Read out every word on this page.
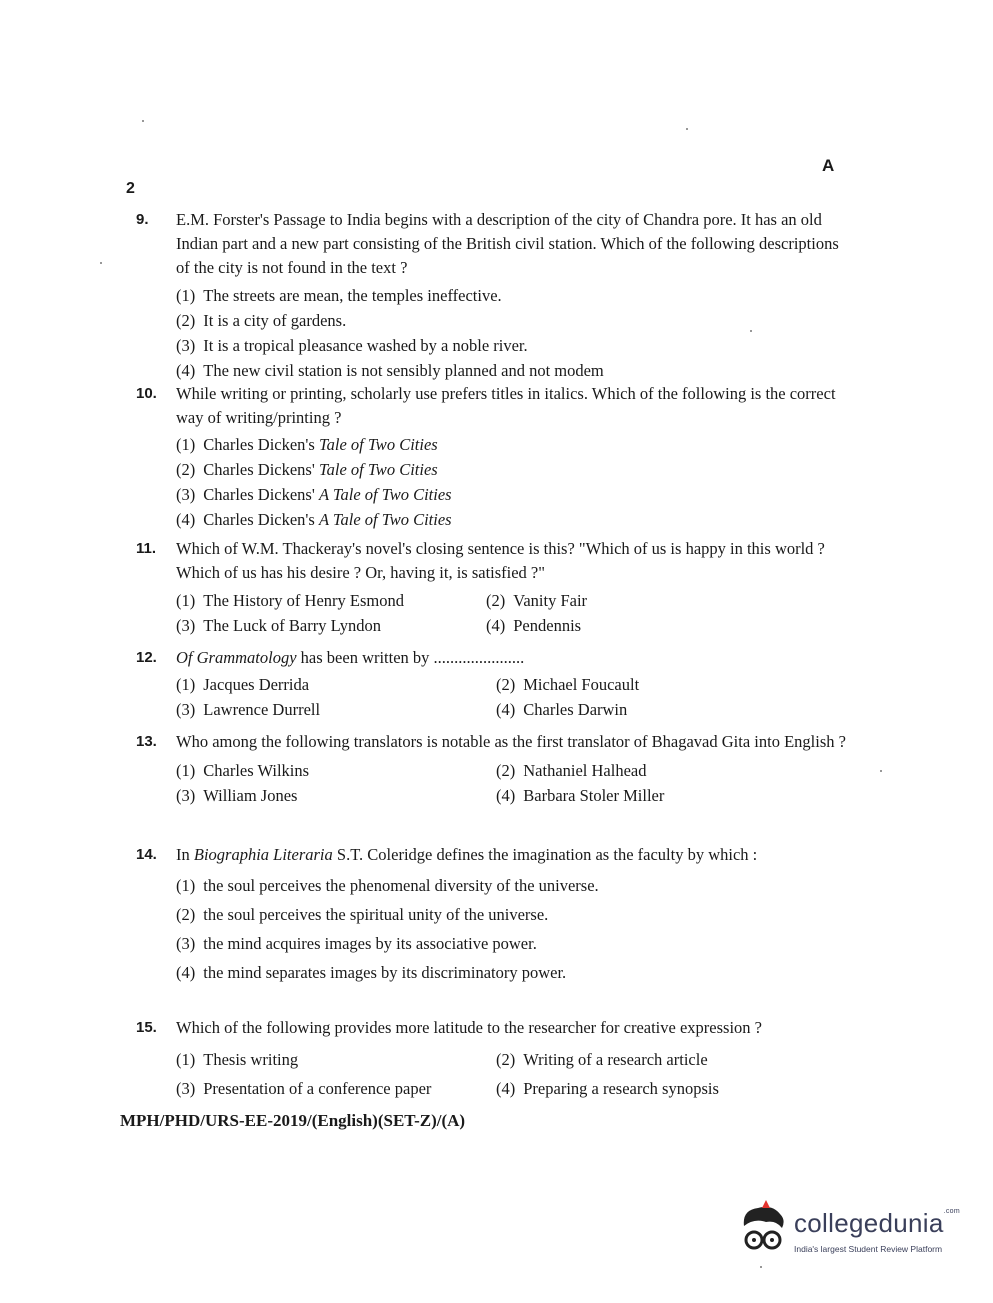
2
A
9.	E.M. Forster's Passage to India begins with a description of the city of Chandra pore. It has an old Indian part and a new part consisting of the British civil station. Which of the following descriptions of the city is not found in the text ?
(1) The streets are mean, the temples ineffective.
(2) It is a city of gardens.
(3) It is a tropical pleasance washed by a noble river.
(4) The new civil station is not sensibly planned and not modem
10.	While writing or printing, scholarly use prefers titles in italics. Which of the following is the correct way of writing/printing ?
(1) Charles Dicken's Tale of Two Cities
(2) Charles Dickens' Tale of Two Cities
(3) Charles Dickens' A Tale of Two Cities
(4) Charles Dicken's A Tale of Two Cities
11.	Which of W.M. Thackeray's novel's closing sentence is this? "Which of us is happy in this world ? Which of us has his desire ? Or, having it, is satisfied ?"
(1) The History of Henry Esmond	(2) Vanity Fair
(3) The Luck of Barry Lyndon	(4) Pendennis
12.	Of Grammatology has been written by ......................
(1) Jacques Derrida	(2) Michael Foucault
(3) Lawrence Durrell	(4) Charles Darwin
13.	Who among the following translators is notable as the first translator of Bhagavad Gita into English ?
(1) Charles Wilkins	(2) Nathaniel Halhead
(3) William Jones	(4) Barbara Stoler Miller
14.	In Biographia Literaria S.T. Coleridge defines the imagination as the faculty by which :
(1) the soul perceives the phenomenal diversity of the universe.
(2) the soul perceives the spiritual unity of the universe.
(3) the mind acquires images by its associative power.
(4) the mind separates images by its discriminatory power.
15.	Which of the following provides more latitude to the researcher for creative expression ?
(1) Thesis writing	(2) Writing of a research article
(3) Presentation of a conference paper	(4) Preparing a research synopsis
MPH/PHD/URS-EE-2019/(English)(SET-Z)/(A)
collegedunia$^{.com}$
India's largest Student Review Platform
